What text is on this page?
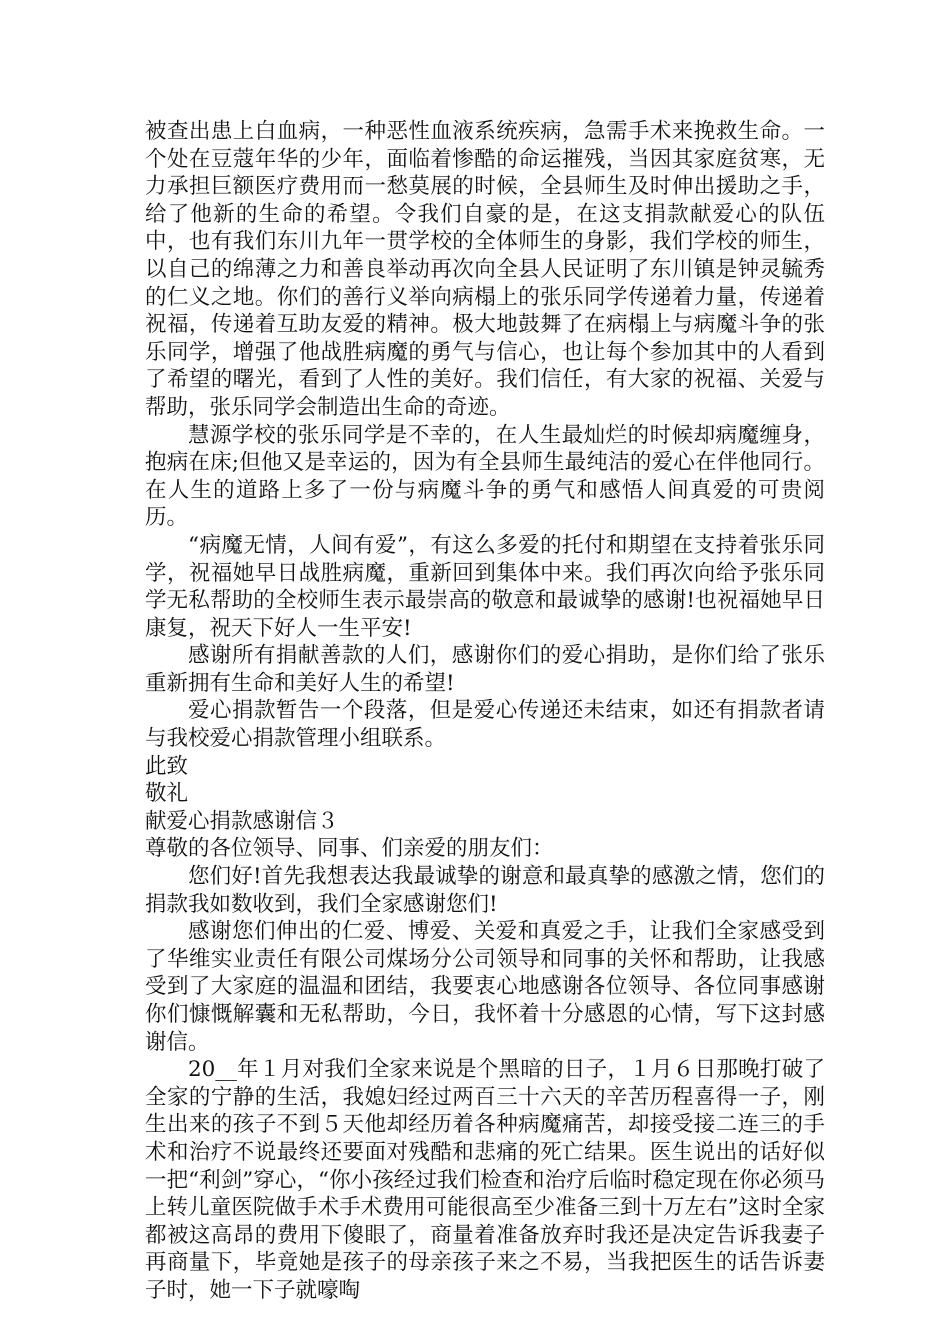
被查出患上白血病，一种恶性血液系统疾病，急需手术来挽救生命。一个处在豆蔻年华的少年，面临着惨酷的命运摧残，当因其家庭贫寒，无力承担巨额医疗费用而一愁莫展的时候，全县师生及时伸出援助之手，给了他新的生命的希望。令我们自豪的是，在这支捐款献爱心的队伍中，也有我们东川九年一贯学校的全体师生的身影，我们学校的师生，以自己的绵薄之力和善良举动再次向全县人民证明了东川镇是钟灵毓秀的仁义之地。你们的善行义举向病榻上的张乐同学传递着力量，传递着祝福，传递着互助友爱的精神。极大地鼓舞了在病榻上与病魔斗争的张乐同学，增强了他战胜病魔的勇气与信心，也让每个参加其中的人看到了希望的曙光，看到了人性的美好。我们信任，有大家的祝福、关爱与帮助，张乐同学会制造出生命的奇迹。

慧源学校的张乐同学是不幸的，在人生最灿烂的时候却病魔缠身，抱病在床;但他又是幸运的，因为有全县师生最纯洁的爱心在伴他同行。在人生的道路上多了一份与病魔斗争的勇气和感悟人间真爱的可贵阅历。

“病魔无情，人间有爱”，有这么多爱的托付和期望在支持着张乐同学，祝福她早日战胜病魔，重新回到集体中来。我们再次向给予张乐同学无私帮助的全校师生表示最崇高的敬意和最诚挚的感谢!也祝福她早日康复，祝天下好人一生平安!

感谢所有捐献善款的人们，感谢你们的爱心捐助，是你们给了张乐重新拥有生命和美好人生的希望!

爱心捐款暂告一个段落，但是爱心传递还未结束，如还有捐款者请与我校爱心捐款管理小组联系。

此致

敬礼

献爱心捐款感谢信３

尊敬的各位领导、同事、们亲爱的朋友们：

您们好!首先我想表达我最诚挚的谢意和最真挚的感激之情，您们的捐款我如数收到，我们全家感谢您们!

感谢您们伸出的仁爱、博爱、关爱和真爱之手，让我们全家感受到了华维实业责任有限公司煤场分公司领导和同事的关怀和帮助，让我感受到了大家庭的温温和团结，我要衷心地感谢各位领导、各位同事感谢你们慷慨解囊和无私帮助，今日，我怀着十分感恩的心情，写下这封感谢信。

20__年１月对我们全家来说是个黑暗的日子，１月６日那晚打破了全家的宁静的生活，我媳妇经过两百三十六天的辛苦历程喜得一子，刚生出来的孩子不到５天他却经历着各种病魔痛苦，却接受接二连三的手术和治疗不说最终还要面对残酷和悲痛的死亡结果。医生说出的话好似一把“利剑”穿心，“你小孩经过我们检查和治疗后临时稳定现在你必须马上转儿童医院做手术手术费用可能很高至少准备三到十万左右”这时全家都被这高昂的费用下傻眼了，商量着准备放弃时我还是决定告诉我妻子再商量下，毕竟她是孩子的母亲孩子来之不易，当我把医生的话告诉妻子时，她一下子就嚎啕
